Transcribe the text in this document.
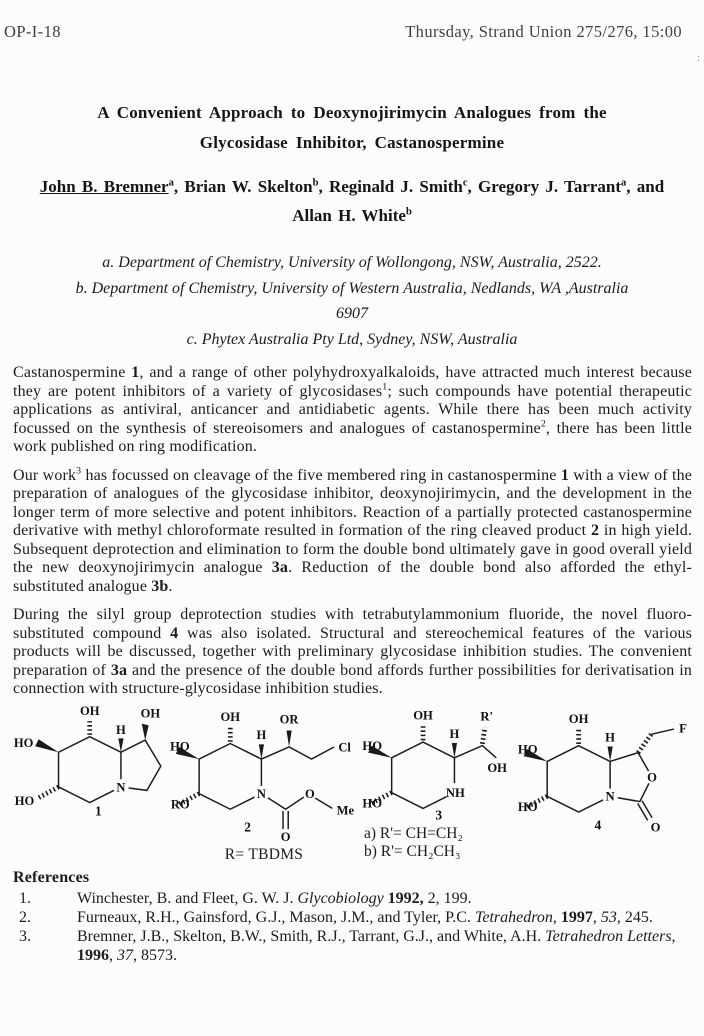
OP-I-18	Thursday, Strand Union 275/276, 15:00
:
A Convenient Approach to Deoxynojirimycin Analogues from the
Glycosidase Inhibitor, Castanospermine
John B. Bremner$^a$, Brian W. Skelton$^b$, Reginald J. Smith$^c$, Gregory J. Tarrant$^a$, and Allan H. White$^b$
a. Department of Chemistry, University of Wollongong, NSW, Australia, 2522.
b. Department of Chemistry, University of Western Australia, Nedlands, WA ,Australia
6907
c. Phytex Australia Pty Ltd, Sydney, NSW, Australia

Castanospermine 1, and a range of other polyhydroxyalkaloids, have attracted much interest because they are potent inhibitors of a variety of glycosidases$^1$; such compounds have potential therapeutic applications as antiviral, anticancer and antidiabetic agents. While there has been much activity focussed on the synthesis of stereoisomers and analogues of castanospermine$^2$, there has been little work published on ring modification.

Our work$^3$ has focussed on cleavage of the five membered ring in castanospermine 1 with a view of the preparation of analogues of the glycosidase inhibitor, deoxynojirimycin, and the development in the longer term of more selective and potent inhibitors. Reaction of a partially protected castanospermine derivative with methyl chloroformate resulted in formation of the ring cleaved product 2 in high yield. Subsequent deprotection and elimination to form the double bond ultimately gave in good overall yield the new deoxynojirimycin analogue 3a. Reduction of the double bond also afforded the ethyl-substituted analogue 3b.

During the silyl group deprotection studies with tetrabutylammonium fluoride, the novel fluoro-substituted compound 4 was also isolated. Structural and stereochemical features of the various products will be discussed, together with preliminary glycosidase inhibition studies. The convenient preparation of 3a and the presence of the double bond affords further possibilities for derivatisation in connection with structure-glycosidase inhibition studies.

OH
H
OH
HO
HO
N
1
OH
H
OR
HO
RO
Cl
N	O
O
Me
2
R= TBDMS
OH
H
R'
OH
HO
HO
NH
3
a) R'= CH=CH₂
b) R'= CH₂CH₃
OH
H
F
HO
HO
N
O
O
4
References
1.	Winchester, B. and Fleet, G. W. J. Glycobiology 1992, 2, 199.
2.	Furneaux, R.H., Gainsford, G.J., Mason, J.M., and Tyler, P.C. Tetrahedron, 1997, 53, 245.
3.	Bremner, J.B., Skelton, B.W., Smith, R.J., Tarrant, G.J., and White, A.H. Tetrahedron Letters, 1996, 37, 8573.
